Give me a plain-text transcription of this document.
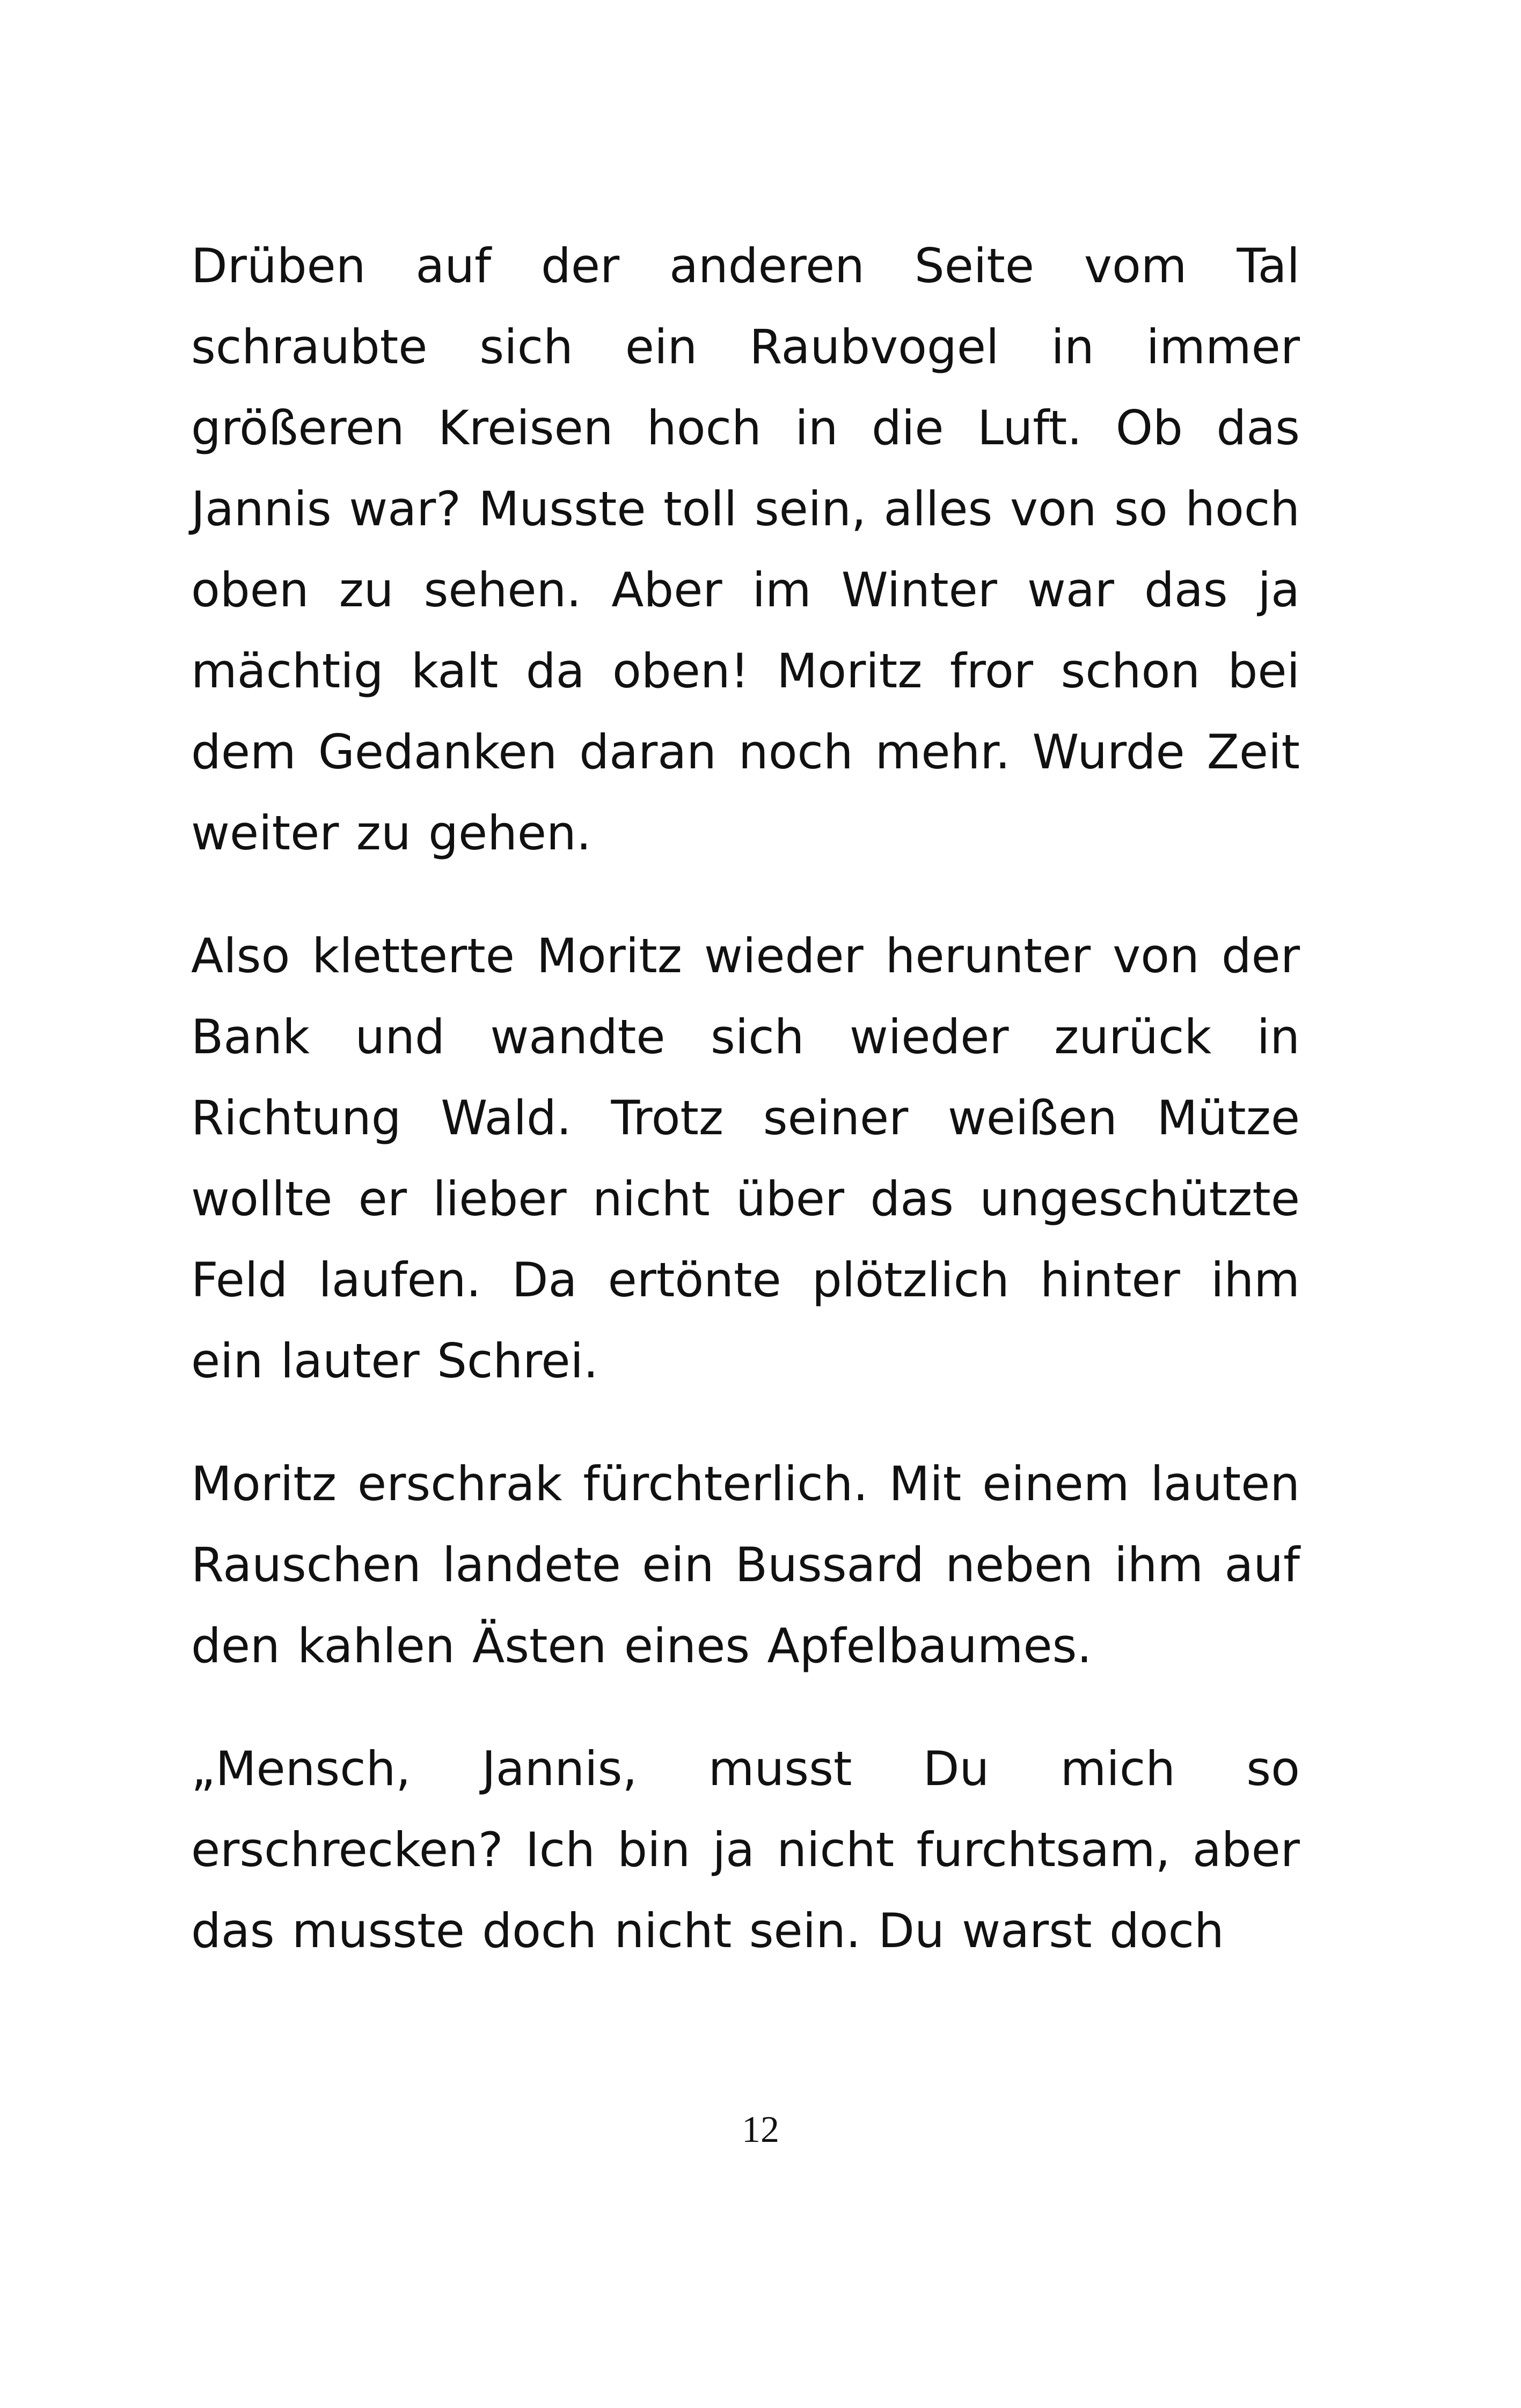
Drüben auf der anderen Seite vom Tal schraubte sich ein Raubvogel in immer größeren Kreisen hoch in die Luft. Ob das Jannis war? Musste toll sein, alles von so hoch oben zu sehen. Aber im Winter war das ja mächtig kalt da oben! Moritz fror schon bei dem Gedanken daran noch mehr. Wurde Zeit weiter zu gehen.

Also kletterte Moritz wieder herunter von der Bank und wandte sich wieder zurück in Richtung Wald. Trotz seiner weißen Mütze wollte er lieber nicht über das ungeschützte Feld laufen. Da ertönte plötzlich hinter ihm ein lauter Schrei.

Moritz erschrak fürchterlich. Mit einem lauten Rauschen landete ein Bussard neben ihm auf den kahlen Ästen eines Apfelbaumes.

„Mensch, Jannis, musst Du mich so erschrecken? Ich bin ja nicht furchtsam, aber das musste doch nicht sein. Du warst doch

12
